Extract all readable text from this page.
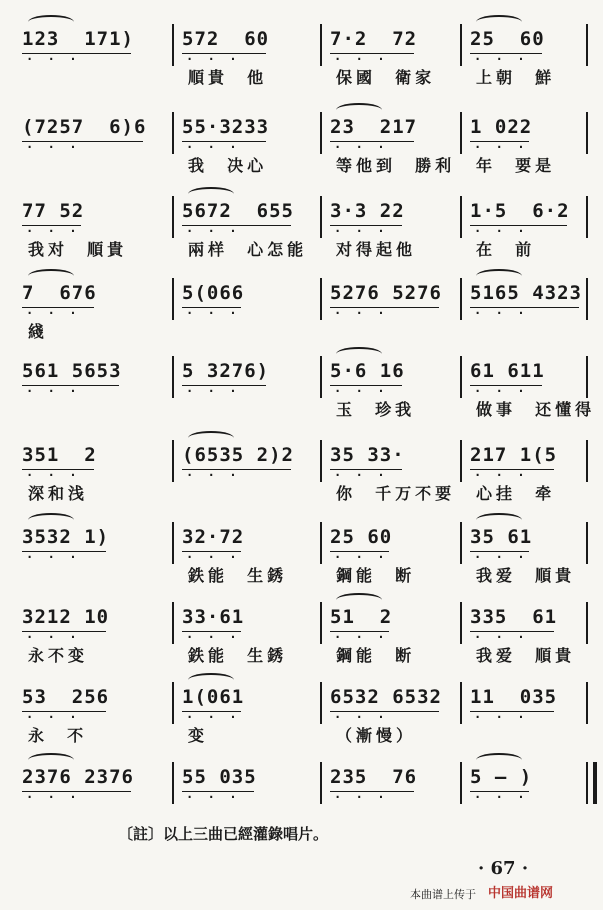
·  ·  · 123  171)	·  ·  · 572  60	·  ·  · 7·2  72	·  ·  · 25  60
順貴  他	保國  衛家	上朝  鮮
·  ·  · (7257  6)6 ·  ·  · 55·3233	·  ·  · 23  217	·  ·  · 1 022
我  决心	等他到  勝利 年  要是
·  ·  · 77 52	·  ·  · 5672  655 ·  ·  · 3·3 22	·  ·  · 1·5  6·2
我对  順貴	兩样  心怎能 对得起他	在  前
·  ·  · 7  676	·  ·  · 5(066	·  ·  · 5276 5276 ·  ·  · 5165 4323
綫
·  ·  · 561 5653	·  ·  · 5 3276)	·  ·  · 5·6 16	·  ·  · 61 611
玉  珍我	做事  还懂得
·  ·  · 351  2	·  ·  · (6535 2)2 ·  ·  · 35 33·	·  ·  · 217 1(5
深和浅	你  千万不要 心挂  牵
·  ·  · 3532 1)	·  ·  · 32·72	·  ·  · 25 60	·  ·  · 35 61
鉄能  生銹	鋼能  断	我爱  順貴
·  ·  · 3212 10	·  ·  · 33·61	·  ·  · 51  2	·  ·  · 335  61
永不变	鉄能  生銹	鋼能  断	我爱  順貴
·  ·  · 53  256	·  ·  · 1(061	·  ·  · 6532 6532 ·  ·  · 11  035
永  不	变	（漸慢）
·  ·  · 2376 2376	·  ·  · 55 035	·  ·  · 235  76	·  ·  · 5 — )
〔註〕以上三曲已經灌錄唱片。
· 67 ·
本曲谱上传于 中国曲谱网
